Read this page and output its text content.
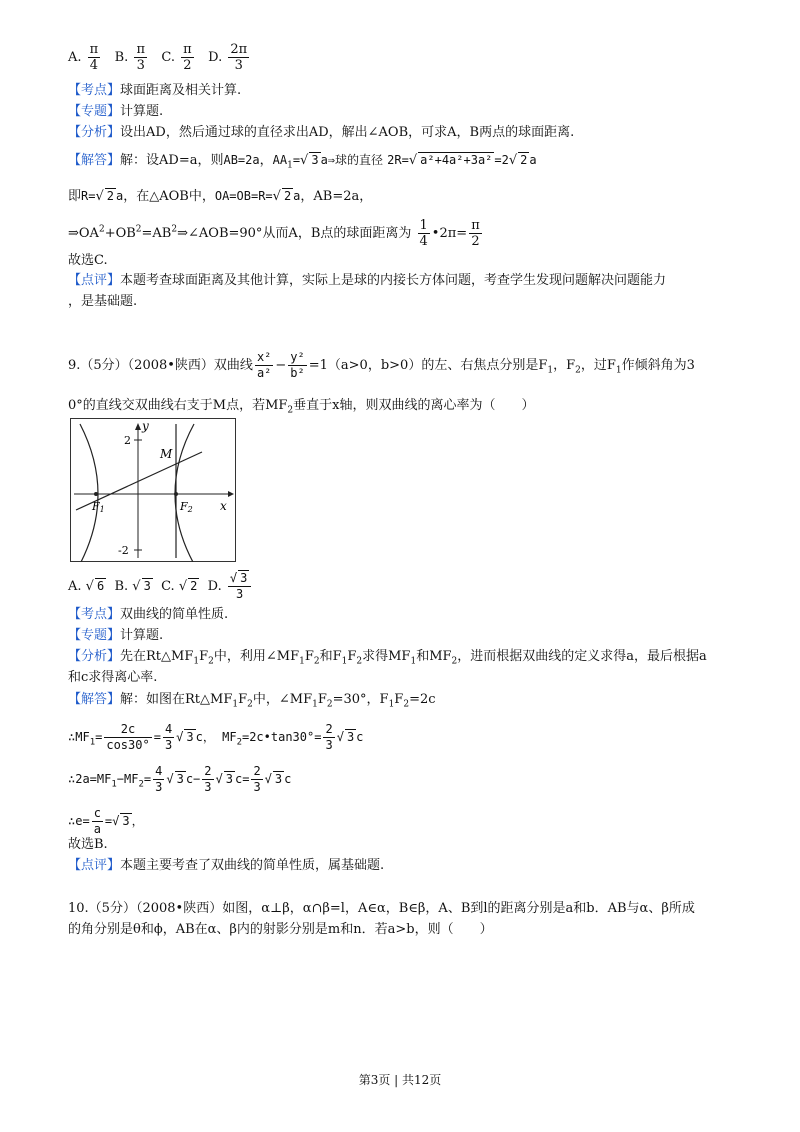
A. $\frac{\pi}{4} B$. $\frac{\pi}{3} C$. $\frac{\pi}{2} D$. $\frac{2\pi}{3}$
【考点】球面距离及相关计算.
【专题】计算题.
【分析】设出AD，然后通过球的直径求出AD，解出∠AOB，可求A，B两点的球面距离.
【解答】解：设AD=a，则AB=2a，$AA_1=√$ 3 a⇒球的直径 2R=√ a²+4a²+3a² =2√ 2 a
即R=√ 2 a，在△AOB中，OA=OB=R=√ 2 a，AB=2a，
$\Rightarrow OA^2+OB^2=AB^2\Rightarrow\angle AOB=90^\circ$从而A，B点的球面距离为 $\frac{1}{4}$ •2π= $\frac{\pi}{2}$
故选C.
【点评】本题考查球面距离及其他计算，实际上是球的内接长方体问题，考查学生发现问题解决问题能力
，是基础题.
9.（5分）（2008•陕西）双曲线 $\frac{\text{x²}}{\text{a²}} - \frac{\text{y²}}{\text{b²}} =1(a>0$，b>0）的左、右焦点分别是$F_1$，$F_2$，过$F_1$作倾斜角为3
0°的直线交双曲线右支于M点，若$MF_2$垂直于x轴，则双曲线的离心率为（　　）
y
x
2
-2
M
F1	F2
A. √ 6 B. √ 3 C. √ 2 D. $\frac{√ 3}{3}$
【考点】双曲线的简单性质.
【专题】计算题.
【分析】先在$Rt\triangle MF_1F_2$中，利用$\angle MF_1F_2$和$F_1F_2$求得$MF_1$和$MF_2$，进而根据双曲线的定义求得a，最后根据a
和c求得离心率.
【解答】解：如图在$Rt\triangle MF_1F_2$中，$\angle MF_1F_2=30^\circ$，$F_1F_2=2c$
$\therefore MF_1= \frac{2c}{\cos 30^\circ} = \frac{4}{3}$ √ 3 c， $MF_2=2c•\tan 30^\circ= \frac{2}{3}$ √ 3 c
$\therefore 2a=MF_1-MF_2= \frac{4}{3}$ √ 3 $c- \frac{2}{3}$ √ 3 $c= \frac{2}{3}$ √ 3 c
∴e= $\frac{c}{a}$ =√ 3 ，
故选B.
【点评】本题主要考查了双曲线的简单性质，属基础题.
10.（5分）（2008•陕西）如图，α⊥β，α∩β=l，A∈α，B∈β，A、B到l的距离分别是a和b．AB与α、β所成
的角分别是θ和ϕ，AB在α、β内的射影分别是m和n．若a>b，则（　　）
第3页 | 共12页
